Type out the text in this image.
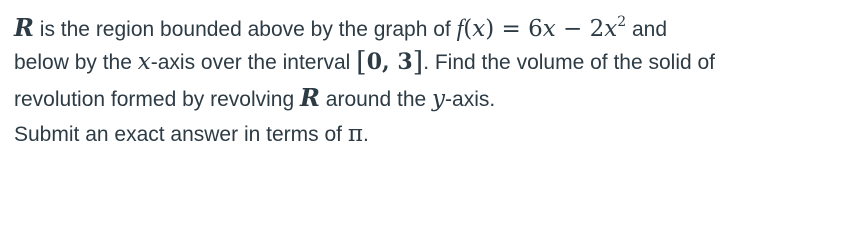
R is the region bounded above by the graph of f(𝑥) = 6𝑥 − 2𝑥$^2$ and
below by the 𝑥-axis over the interval [0, 3]. Find the volume of the solid of
revolution formed by revolving R around the 𝑦-axis.
Submit an exact answer in terms of π.
